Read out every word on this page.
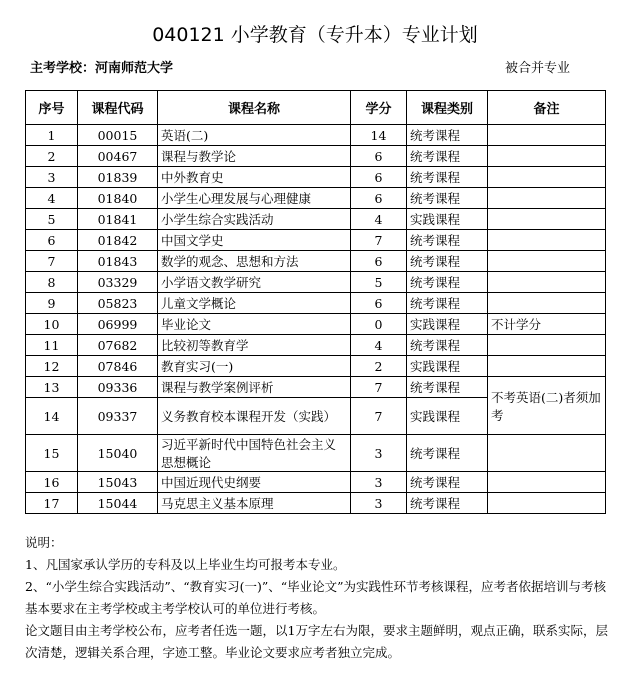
040121 小学教育（专升本）专业计划
主考学校：河南师范大学	被合并专业
序号	课程代码	课程名称	学分	课程类别	备注
1	00015	英语(二)	14	统考课程	
2	00467	课程与教学论	6	统考课程	
3	01839	中外教育史	6	统考课程	
4	01840	小学生心理发展与心理健康	6	统考课程	
5	01841	小学生综合实践活动	4	实践课程	
6	01842	中国文学史	7	统考课程	
7	01843	数学的观念、思想和方法	6	统考课程	
8	03329	小学语文教学研究	5	统考课程	
9	05823	儿童文学概论	6	统考课程	
10	06999	毕业论文	0	实践课程	不计学分
11	07682	比较初等教育学	4	统考课程	
12	07846	教育实习(一)	2	实践课程	
13	09336	课程与教学案例评析	7	统考课程	不考英语(二)者须加考
14	09337	义务教育校本课程开发（实践）	7	实践课程	
15	15040	习近平新时代中国特色社会主义思想概论	3	统考课程	
16	15043	中国近现代史纲要	3	统考课程	
17	15044	马克思主义基本原理	3	统考课程	

说明：

1、凡国家承认学历的专科及以上毕业生均可报考本专业。

2、“小学生综合实践活动”、“教育实习(一)”、“毕业论文”为实践性环节考核课程，应考者依据培训与考核基本要求在主考学校或主考学校认可的单位进行考核。

论文题目由主考学校公布，应考者任选一题，以1万字左右为限，要求主题鲜明，观点正确，联系实际，层次清楚，逻辑关系合理，字迹工整。毕业论文要求应考者独立完成。
